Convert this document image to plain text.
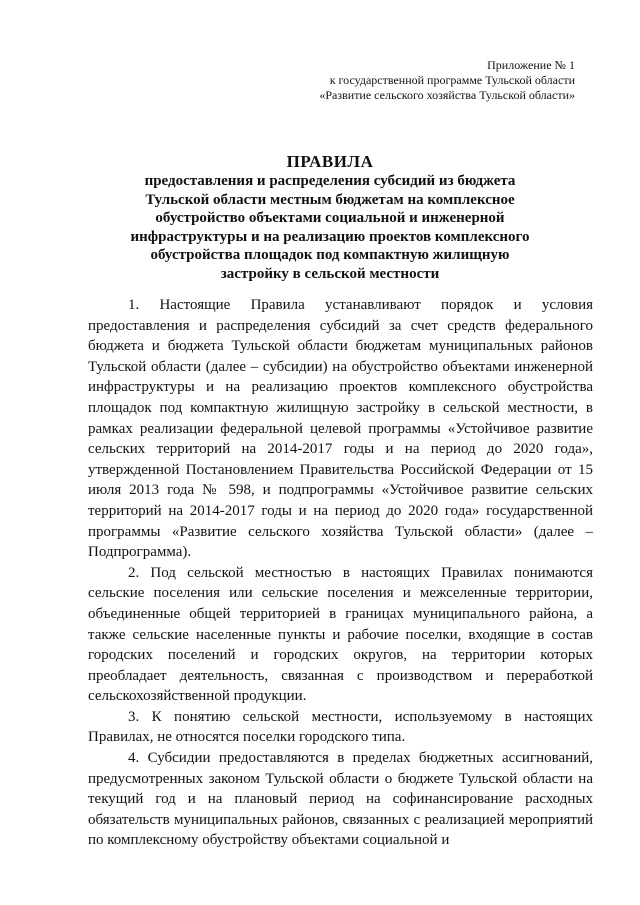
Приложение № 1
к государственной программе Тульской области
«Развитие сельского хозяйства Тульской области»
ПРАВИЛА
предоставления и распределения субсидий из бюджета
Тульской области местным бюджетам на комплексное
обустройство объектами социальной и инженерной
инфраструктуры и на реализацию проектов комплексного
обустройства площадок под компактную жилищную
застройку в сельской местности

1. Настоящие Правила устанавливают порядок и условия предоставления и распределения субсидий за счет средств федерального бюджета и бюджета Тульской области бюджетам муниципальных районов Тульской области (далее – субсидии) на обустройство объектами инженерной инфраструктуры и на реализацию проектов комплексного обустройства площадок под компактную жилищную застройку в сельской местности, в рамках реализации федеральной целевой программы «Устойчивое развитие сельских территорий на 2014-2017 годы и на период до 2020 года», утвержденной Постановлением Правительства Российской Федерации от 15 июля 2013 года № 598, и подпрограммы «Устойчивое развитие сельских территорий на 2014-2017 годы и на период до 2020 года» государственной программы «Развитие сельского хозяйства Тульской области» (далее – Подпрограмма).

2. Под сельской местностью в настоящих Правилах понимаются сельские поселения или сельские поселения и межселенные территории, объединенные общей территорией в границах муниципального района, а также сельские населенные пункты и рабочие поселки, входящие в состав городских поселений и городских округов, на территории которых преобладает деятельность, связанная с производством и переработкой сельскохозяйственной продукции.

3. К понятию сельской местности, используемому в настоящих Правилах, не относятся поселки городского типа.

4. Субсидии предоставляются в пределах бюджетных ассигнований, предусмотренных законом Тульской области о бюджете Тульской области на текущий год и на плановый период на софинансирование расходных обязательств муниципальных районов, связанных с реализацией мероприятий по комплексному обустройству объектами социальной и
